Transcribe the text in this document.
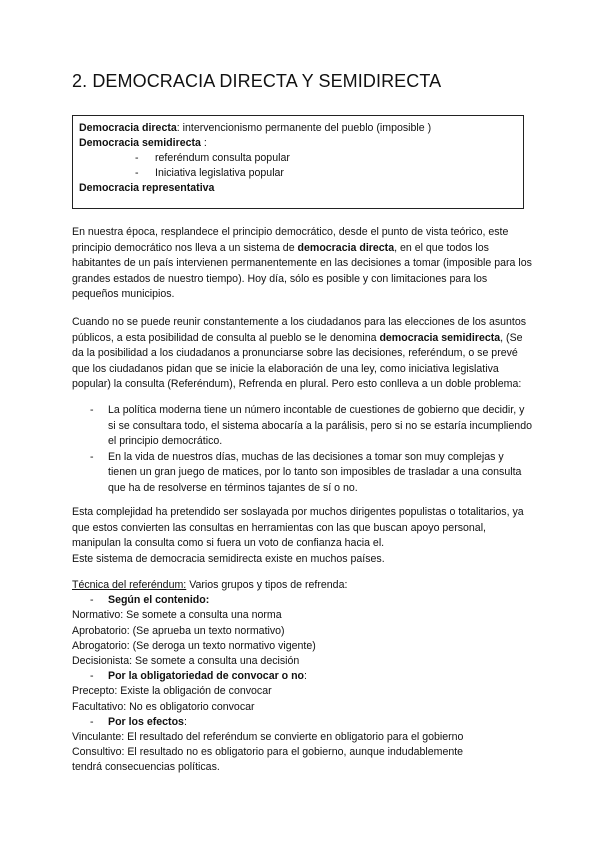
2. DEMOCRACIA DIRECTA Y SEMIDIRECTA
Democracia directa: intervencionismo permanente del pueblo (imposible )
Democracia semidirecta :
- referéndum consulta popular
- Iniciativa legislativa popular
Democracia representativa

En nuestra época, resplandece el principio democrático, desde el punto de vista teórico, este principio democrático nos lleva a un sistema de democracia directa, en el que todos los habitantes de un país intervienen permanentemente en las decisiones a tomar (imposible para los grandes estados de nuestro tiempo). Hoy día, sólo es posible y con limitaciones para los pequeños municipios.

Cuando no se puede reunir constantemente a los ciudadanos para las elecciones de los asuntos públicos, a esta posibilidad de consulta al pueblo se le denomina democracia semidirecta, (Se da la posibilidad a los ciudadanos a pronunciarse sobre las decisiones, referéndum, o se prevé que los ciudadanos pidan que se inicie la elaboración de una ley, como iniciativa legislativa popular) la consulta (Referéndum), Refrenda en plural. Pero esto conlleva a un doble problema:

- La política moderna tiene un número incontable de cuestiones de gobierno que decidir, y si se consultara todo, el sistema abocaría a la parálisis, pero si no se estaría incumpliendo el principio democrático.
- En la vida de nuestros días, muchas de las decisiones a tomar son muy complejas y tienen un gran juego de matices, por lo tanto son imposibles de trasladar a una consulta que ha de resolverse en términos tajantes de sí o no.

Esta complejidad ha pretendido ser soslayada por muchos dirigentes populistas o totalitarios, ya que estos convierten las consultas en herramientas con las que buscan apoyo personal, manipulan la consulta como si fuera un voto de confianza hacia el.
Este sistema de democracia semidirecta existe en muchos países.

Técnica del referéndum: Varios grupos y tipos de refrenda:
- Según el contenido:
Normativo: Se somete a consulta una norma
Aprobatorio: (Se aprueba un texto normativo)
Abrogatorio: (Se deroga un texto normativo vigente)
Decisionista: Se somete a consulta una decisión
- Por la obligatoriedad de convocar o no:
Precepto: Existe la obligación de convocar
Facultativo: No es obligatorio convocar
- Por los efectos:
Vinculante: El resultado del referéndum se convierte en obligatorio para el gobierno
Consultivo: El resultado no es obligatorio para el gobierno, aunque indudablemente
tendrá consecuencias políticas.
